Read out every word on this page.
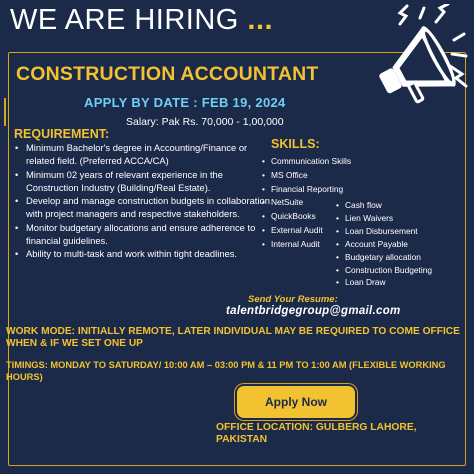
WE ARE HIRING ...
CONSTRUCTION ACCOUNTANT
APPLY BY DATE : FEB 19, 2024
Salary: Pak Rs. 70,000 - 1,00,000
REQUIREMENT:
• Minimum Bachelor's degree in Accounting/Finance or related field. (Preferred ACCA/CA)
• Minimum 02 years of relevant experience in the Construction Industry (Building/Real Estate).
• Develop and manage construction budgets in collaboration with project managers and respective stakeholders.
• Monitor budgetary allocations and ensure adherence to financial guidelines.
• Ability to multi-task and work within tight deadlines.
SKILLS:
• Communication Skills
• MS Office
• Financial Reporting
• NetSuite
• QuickBooks
• External Audit
• Internal Audit
• Cash flow
• Lien Waivers
• Loan Disbursement
• Account Payable
• Budgetary allocation
• Construction Budgeting
• Loan Draw
Send Your Resume:
talentbridgegroup@gmail.com
WORK MODE: INITIALLY REMOTE, LATER INDIVIDUAL MAY BE REQUIRED TO COME OFFICE WHEN & IF WE SET ONE UP
TIMINGS: MONDAY TO SATURDAY/ 10:00 AM – 03:00 PM & 11 PM TO 1:00 AM (FLEXIBLE WORKING HOURS)
Apply Now
OFFICE LOCATION: GULBERG LAHORE, PAKISTAN
